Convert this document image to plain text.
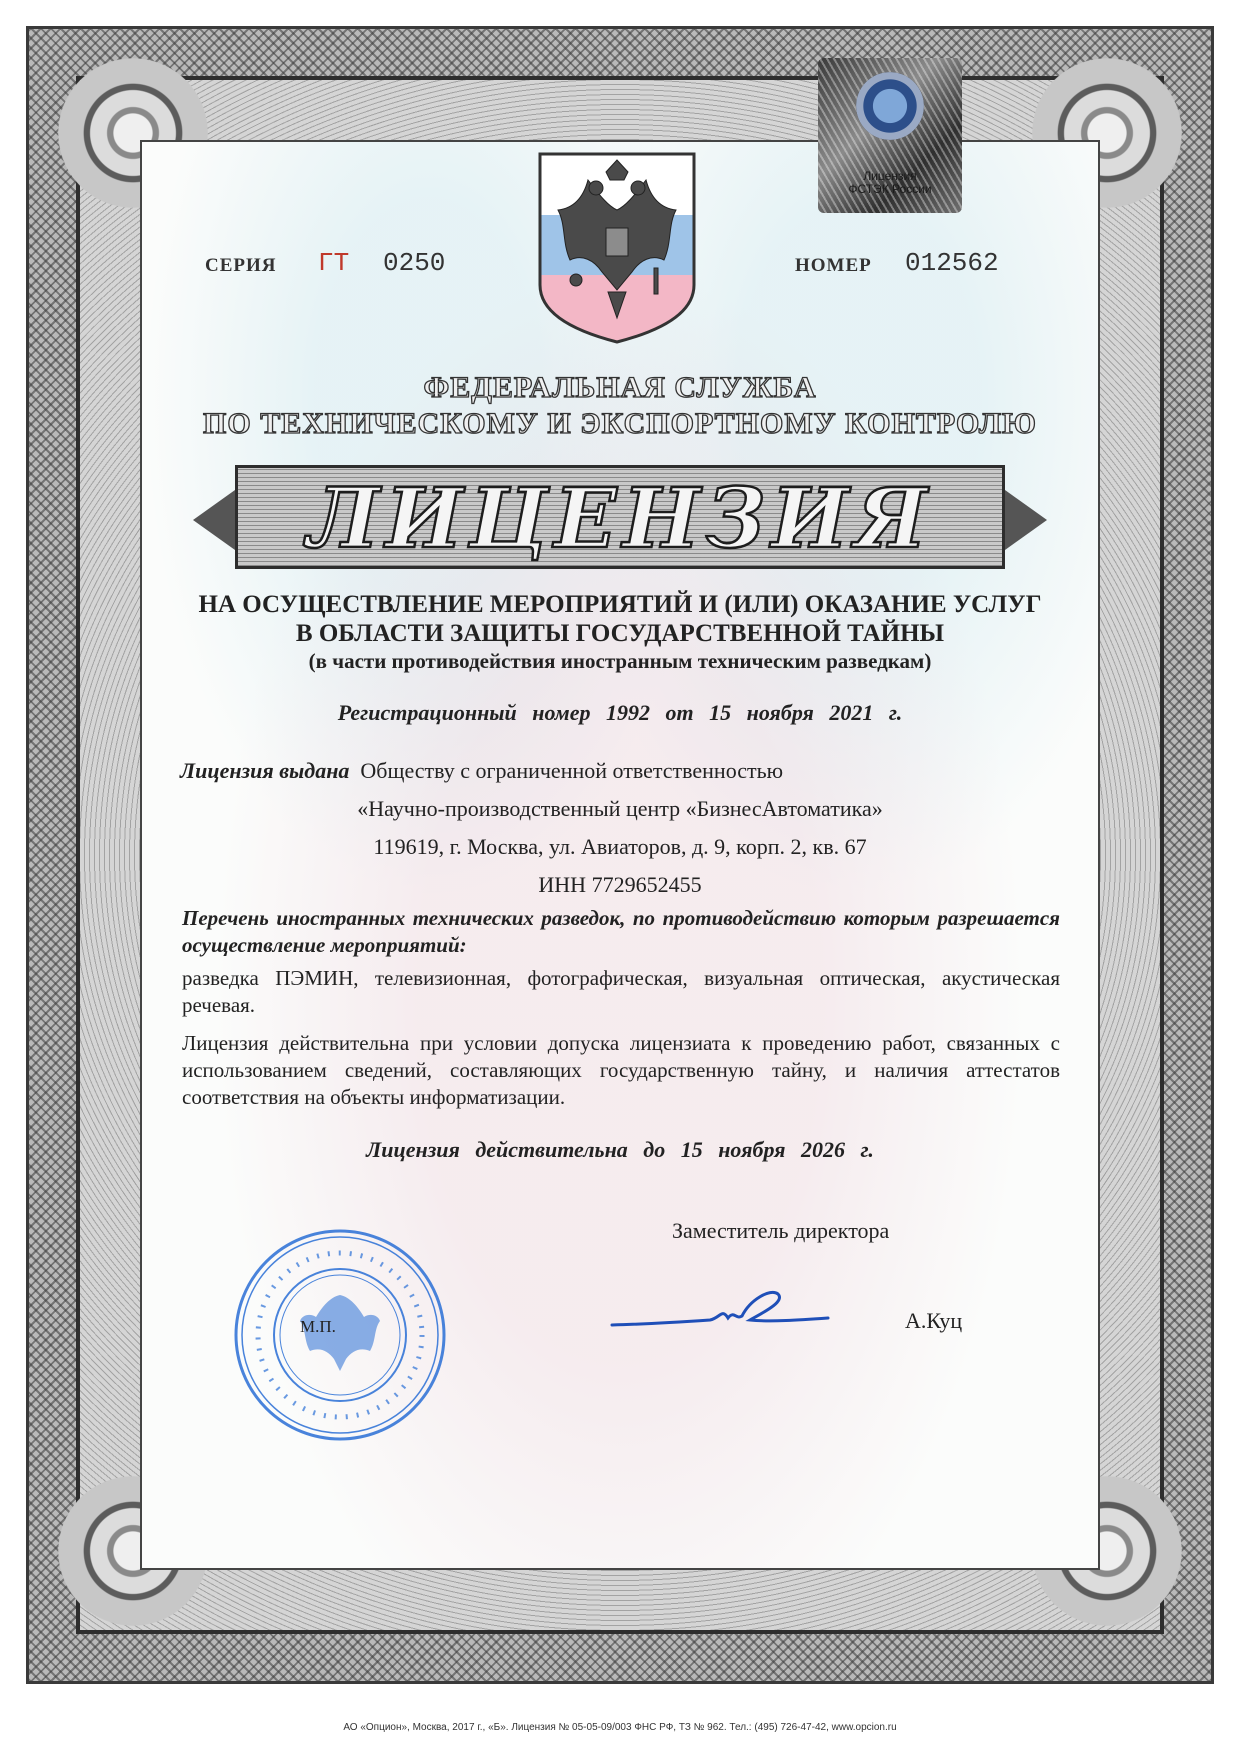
СЕРИЯ ГТ 0250	НОМЕР 012562
Лицензия
ФСТЭК России
ФЕДЕРАЛЬНАЯ СЛУЖБА
ПО ТЕХНИЧЕСКОМУ И ЭКСПОРТНОМУ КОНТРОЛЮ
ЛИЦЕНЗИЯ
НА ОСУЩЕСТВЛЕНИЕ МЕРОПРИЯТИЙ И (ИЛИ) ОКАЗАНИЕ УСЛУГ
В ОБЛАСТИ ЗАЩИТЫ ГОСУДАРСТВЕННОЙ ТАЙНЫ
(в части противодействия иностранным техническим разведкам)
Регистрационный номер 1992 от 15 ноября 2021 г.
Лицензия выдана Обществу с ограниченной ответственностью
«Научно-производственный центр «БизнесАвтоматика»
119619, г. Москва, ул. Авиаторов, д. 9, корп. 2, кв. 67
ИНН 7729652455
Перечень иностранных технических разведок, по противодействию которым разрешается осуществление мероприятий:
разведка ПЭМИН, телевизионная, фотографическая, визуальная оптическая, акустическая речевая.
Лицензия действительна при условии допуска лицензиата к проведению работ, связанных с использованием сведений, составляющих государственную тайну, и наличия аттестатов соответствия на объекты информатизации.
Лицензия действительна до 15 ноября 2026 г.
Заместитель директора
А.Куц
М.П.
АО «Опцион», Москва, 2017 г., «Б». Лицензия № 05-05-09/003 ФНС РФ, ТЗ № 962. Тел.: (495) 726-47-42, www.opcion.ru
